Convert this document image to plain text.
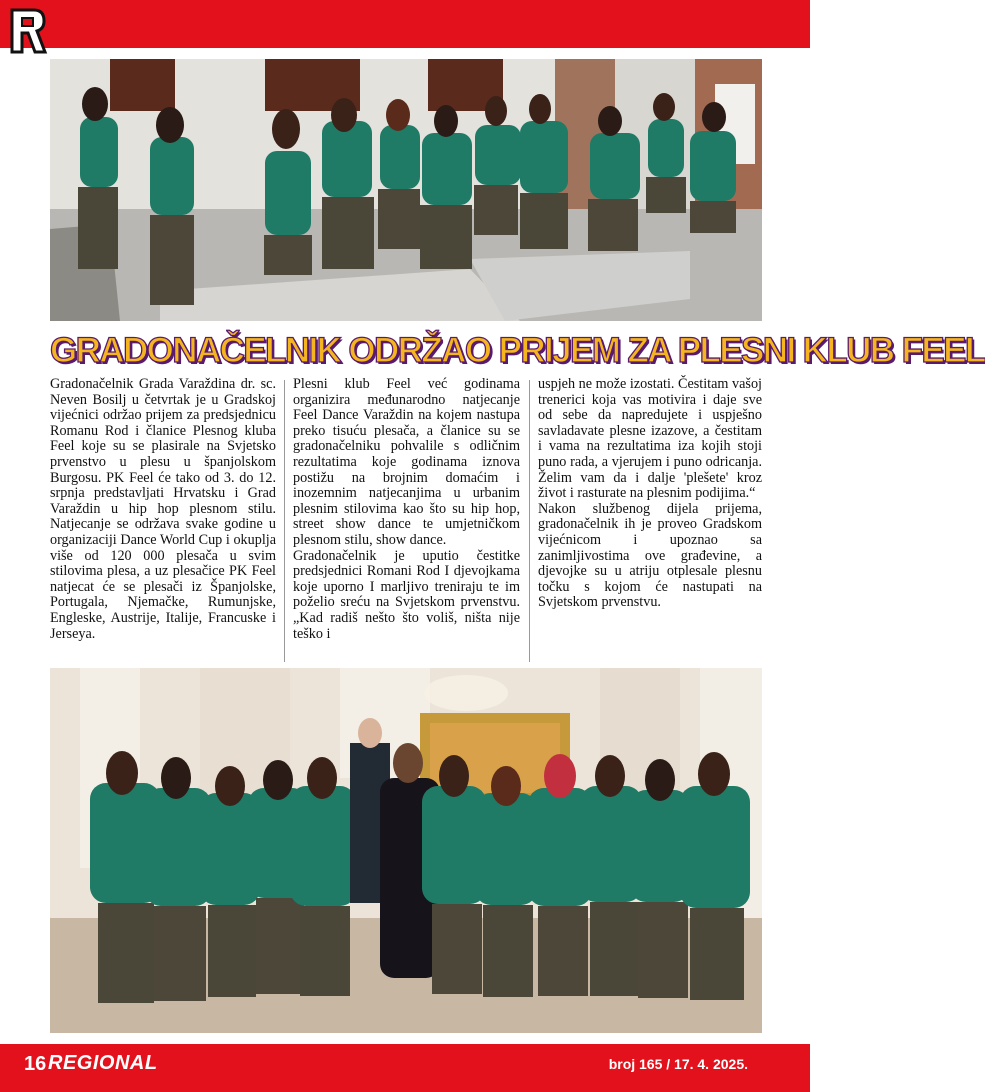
GRADONAČELNIK ODRŽAO PRIJEM ZA PLESNI KLUB FEEL

Gradonačelnik Grada Varaždina dr. sc. Neven Bosilj u četvrtak je u Gradskoj vijećnici održao prijem za predsjednicu Romanu Rod i članice Plesnog kluba Feel koje su se plasirale na Svjetsko prvenstvo u plesu u španjolskom Burgosu. PK Feel će tako od 3. do 12. srpnja predstavljati Hrvatsku i Grad Varaždin u hip hop plesnom stilu. Natjecanje se održava svake godine u organizaciji Dance World Cup i okuplja više od 120 000 plesača u svim stilovima plesa, a uz plesačice PK Feel natjecat će se plesači iz Španjolske, Portugala, Njemačke, Rumunjske, Engleske, Austrije, Italije, Francuske i Jerseya.

Plesni klub Feel već godinama organizira međunarodno natjecanje Feel Dance Varaždin na kojem nastupa preko tisuću plesača, a članice su se gradonačelniku pohvalile s odličnim rezultatima koje godinama iznova postižu na brojnim domaćim i inozemnim natjecanjima u urbanim plesnim stilovima kao što su hip hop, street show dance te umjetničkom plesnom stilu, show dance.

Gradonačelnik je uputio čestitke predsjednici Romani Rod I djevojkama koje uporno I marljivo treniraju te im poželio sreću na Svjetskom prvenstvu. „Kad radiš nešto što voliš, ništa nije teško i

uspjeh ne može izostati. Čestitam vašoj trenerici koja vas motivira i daje sve od sebe da napredujete i uspješno savladavate plesne izazove, a čestitam i vama na rezultatima iza kojih stoji puno rada, a vjerujem i puno odricanja. Želim vam da i dalje 'plešete' kroz život i rasturate na plesnim podijima.“

Nakon službenog dijela prijema, gradonačelnik ih je proveo Gradskom vijećnicom i upoznao sa zanimljivostima ove građevine, a djevojke su u atriju otplesale plesnu točku s kojom će nastupati na Svjetskom prvenstvu.

16 REGIONAL	broj 165 / 17. 4. 2025.
